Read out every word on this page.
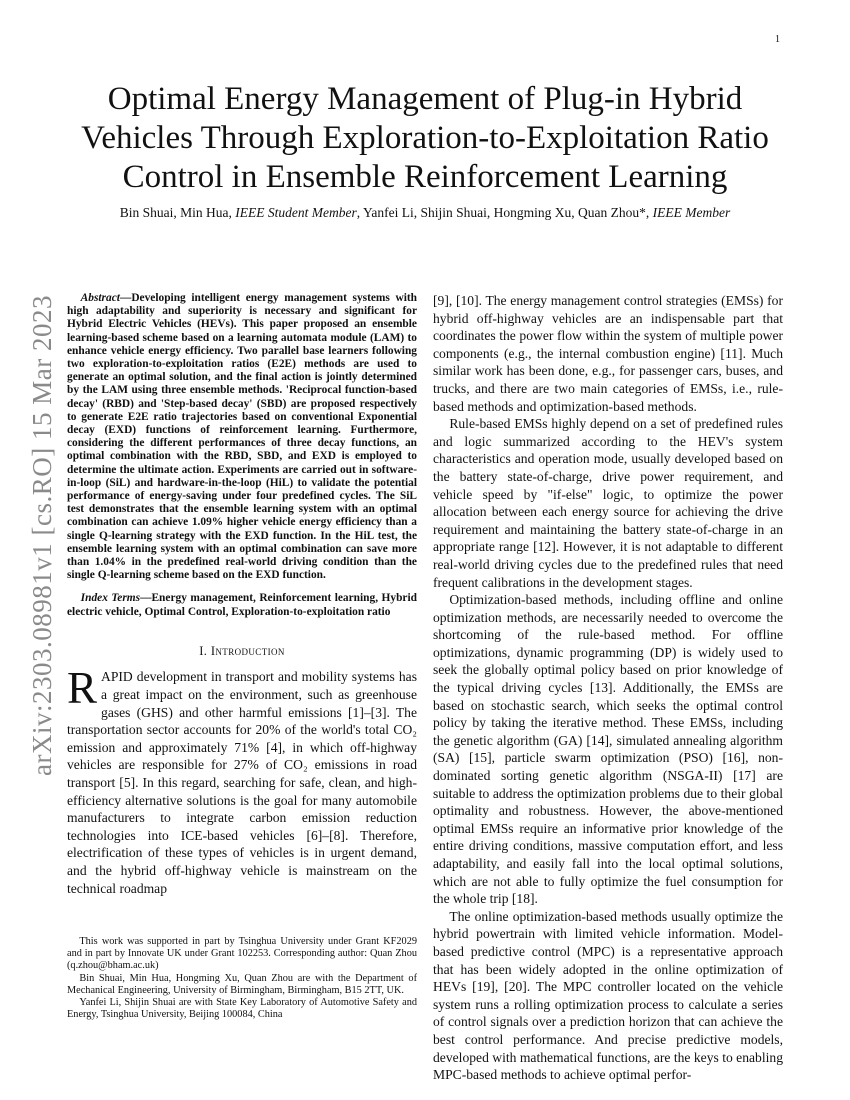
1
arXiv:2303.08981v1 [cs.RO] 15 Mar 2023
Optimal Energy Management of Plug-in Hybrid Vehicles Through Exploration-to-Exploitation Ratio Control in Ensemble Reinforcement Learning
Bin Shuai, Min Hua, IEEE Student Member, Yanfei Li, Shijin Shuai, Hongming Xu, Quan Zhou*, IEEE Member

Abstract—Developing intelligent energy management systems with high adaptability and superiority is necessary and significant for Hybrid Electric Vehicles (HEVs). This paper proposed an ensemble learning-based scheme based on a learning automata module (LAM) to enhance vehicle energy efficiency. Two parallel base learners following two exploration-to-exploitation ratios (E2E) methods are used to generate an optimal solution, and the final action is jointly determined by the LAM using three ensemble methods. 'Reciprocal function-based decay' (RBD) and 'Step-based decay' (SBD) are proposed respectively to generate E2E ratio trajectories based on conventional Exponential decay (EXD) functions of reinforcement learning. Furthermore, considering the different performances of three decay functions, an optimal combination with the RBD, SBD, and EXD is employed to determine the ultimate action. Experiments are carried out in software-in-loop (SiL) and hardware-in-the-loop (HiL) to validate the potential performance of energy-saving under four predefined cycles. The SiL test demonstrates that the ensemble learning system with an optimal combination can achieve 1.09% higher vehicle energy efficiency than a single Q-learning strategy with the EXD function. In the HiL test, the ensemble learning system with an optimal combination can save more than 1.04% in the predefined real-world driving condition than the single Q-learning scheme based on the EXD function.

Index Terms—Energy management, Reinforcement learning, Hybrid electric vehicle, Optimal Control, Exploration-to-exploitation ratio

I. Introduction

RAPID development in transport and mobility systems has a great impact on the environment, such as greenhouse gases (GHS) and other harmful emissions [1]–[3]. The transportation sector accounts for 20% of the world's total CO₂ emission and approximately 71% [4], in which off-highway vehicles are responsible for 27% of CO₂ emissions in road transport [5]. In this regard, searching for safe, clean, and high-efficiency alternative solutions is the goal for many automobile manufacturers to integrate carbon emission reduction technologies into ICE-based vehicles [6]–[8]. Therefore, electrification of these types of vehicles is in urgent demand, and the hybrid off-highway vehicle is mainstream on the technical roadmap

This work was supported in part by Tsinghua University under Grant KF2029 and in part by Innovate UK under Grant 102253. Corresponding author: Quan Zhou (q.zhou@bham.ac.uk)

Bin Shuai, Min Hua, Hongming Xu, Quan Zhou are with the Department of Mechanical Engineering, University of Birmingham, Birmingham, B15 2TT, UK.

Yanfei Li, Shijin Shuai are with State Key Laboratory of Automotive Safety and Energy, Tsinghua University, Beijing 100084, China

[9], [10]. The energy management control strategies (EMSs) for hybrid off-highway vehicles are an indispensable part that coordinates the power flow within the system of multiple power components (e.g., the internal combustion engine) [11]. Much similar work has been done, e.g., for passenger cars, buses, and trucks, and there are two main categories of EMSs, i.e., rule-based methods and optimization-based methods.

Rule-based EMSs highly depend on a set of predefined rules and logic summarized according to the HEV's system characteristics and operation mode, usually developed based on the battery state-of-charge, drive power requirement, and vehicle speed by "if-else" logic, to optimize the power allocation between each energy source for achieving the drive requirement and maintaining the battery state-of-charge in an appropriate range [12]. However, it is not adaptable to different real-world driving cycles due to the predefined rules that need frequent calibrations in the development stages.

Optimization-based methods, including offline and online optimization methods, are necessarily needed to overcome the shortcoming of the rule-based method. For offline optimizations, dynamic programming (DP) is widely used to seek the globally optimal policy based on prior knowledge of the typical driving cycles [13]. Additionally, the EMSs are based on stochastic search, which seeks the optimal control policy by taking the iterative method. These EMSs, including the genetic algorithm (GA) [14], simulated annealing algorithm (SA) [15], particle swarm optimization (PSO) [16], non-dominated sorting genetic algorithm (NSGA-II) [17] are suitable to address the optimization problems due to their global optimality and robustness. However, the above-mentioned optimal EMSs require an informative prior knowledge of the entire driving conditions, massive computation effort, and less adaptability, and easily fall into the local optimal solutions, which are not able to fully optimize the fuel consumption for the whole trip [18].

The online optimization-based methods usually optimize the hybrid powertrain with limited vehicle information. Model-based predictive control (MPC) is a representative approach that has been widely adopted in the online optimization of HEVs [19], [20]. The MPC controller located on the vehicle system runs a rolling optimization process to calculate a series of control signals over a prediction horizon that can achieve the best control performance. And precise predictive models, developed with mathematical functions, are the keys to enabling MPC-based methods to achieve optimal perfor-
